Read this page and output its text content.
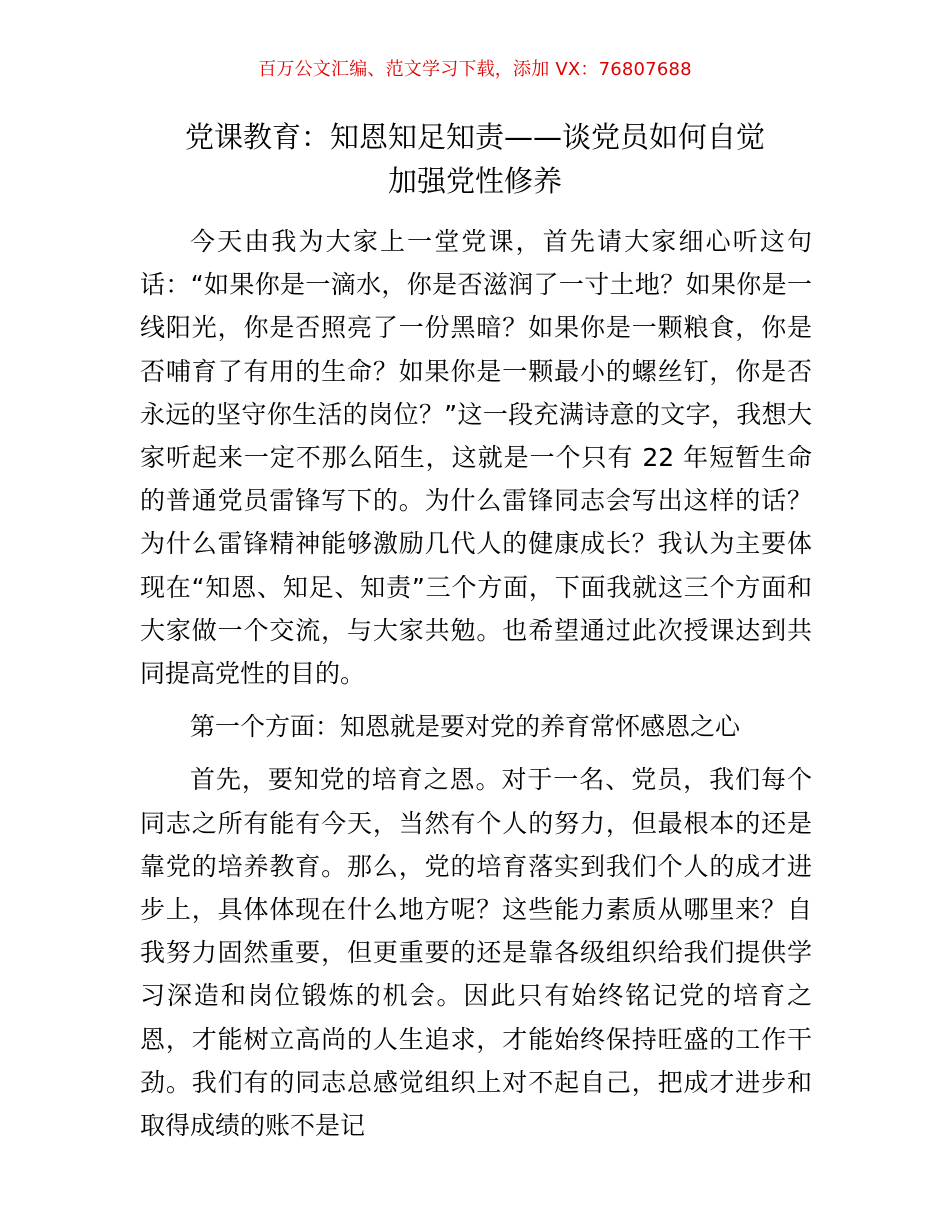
百万公文汇编、范文学习下载，添加 VX：76807688
党课教育：知恩知足知责——谈党员如何自觉
加强党性修养

今天由我为大家上一堂党课，首先请大家细心听这句话：“如果你是一滴水，你是否滋润了一寸土地？如果你是一线阳光，你是否照亮了一份黑暗？如果你是一颗粮食，你是否哺育了有用的生命？如果你是一颗最小的螺丝钉，你是否永远的坚守你生活的岗位？”这一段充满诗意的文字，我想大家听起来一定不那么陌生，这就是一个只有 22 年短暂生命的普通党员雷锋写下的。为什么雷锋同志会写出这样的话？为什么雷锋精神能够激励几代人的健康成长？我认为主要体现在“知恩、知足、知责”三个方面，下面我就这三个方面和大家做一个交流，与大家共勉。也希望通过此次授课达到共同提高党性的目的。

第一个方面：知恩就是要对党的养育常怀感恩之心

首先，要知党的培育之恩。对于一名、党员，我们每个同志之所有能有今天，当然有个人的努力，但最根本的还是靠党的培养教育。那么，党的培育落实到我们个人的成才进步上，具体体现在什么地方呢？这些能力素质从哪里来？自我努力固然重要，但更重要的还是靠各级组织给我们提供学习深造和岗位锻炼的机会。因此只有始终铭记党的培育之恩，才能树立高尚的人生追求，才能始终保持旺盛的工作干劲。我们有的同志总感觉组织上对不起自己，把成才进步和取得成绩的账不是记
